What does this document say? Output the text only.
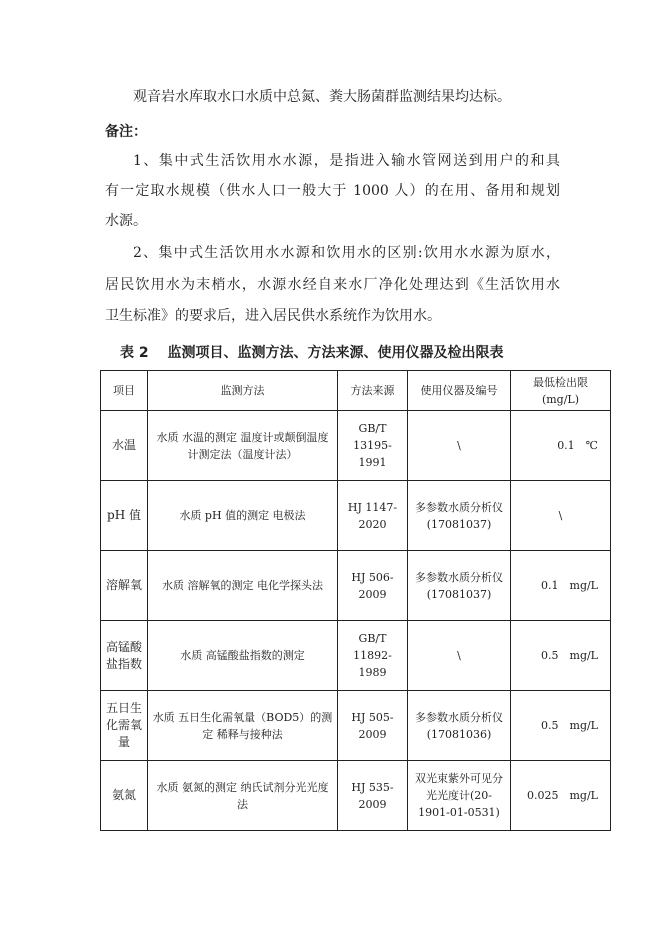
观音岩水库取水口水质中总氮、粪大肠菌群监测结果均达标。
备注：
1、集中式生活饮用水水源，是指进入输水管网送到用户的和具
有一定取水规模（供水人口一般大于 1000 人）的在用、备用和规划
水源。
2、集中式生活饮用水水源和饮用水的区别:饮用水水源为原水，
居民饮用水为末梢水，水源水经自来水厂净化处理达到《生活饮用水
卫生标准》的要求后，进入居民供水系统作为饮用水。
表 2　 监测项目、监测方法、方法来源、使用仪器及检出限表
项目	监测方法	方法来源	使用仪器及编号	最低检出限
(mg/L)
水温	水质 水温的测定 温度计或颠倒温度计测定法（温度计法）	GB/T 13195-1991	\	0.1　℃
pH 值	水质 pH 值的测定 电极法	HJ 1147-2020	多参数水质分析仪(17081037)	\
溶解氧	水质 溶解氧的测定 电化学探头法	HJ 506-2009	多参数水质分析仪(17081037)	0.1　mg/L
高锰酸盐指数	水质 高锰酸盐指数的测定	GB/T 11892-1989	\	0.5　mg/L
五日生化需氧量	水质 五日生化需氧量（BOD5）的测定 稀释与接种法	HJ 505-2009	多参数水质分析仪(17081036)	0.5　mg/L
氨氮	水质 氨氮的测定 纳氏试剂分光光度法	HJ 535-2009	双光束紫外可见分光光度计(20-1901-01-0531)	0.025　mg/L
